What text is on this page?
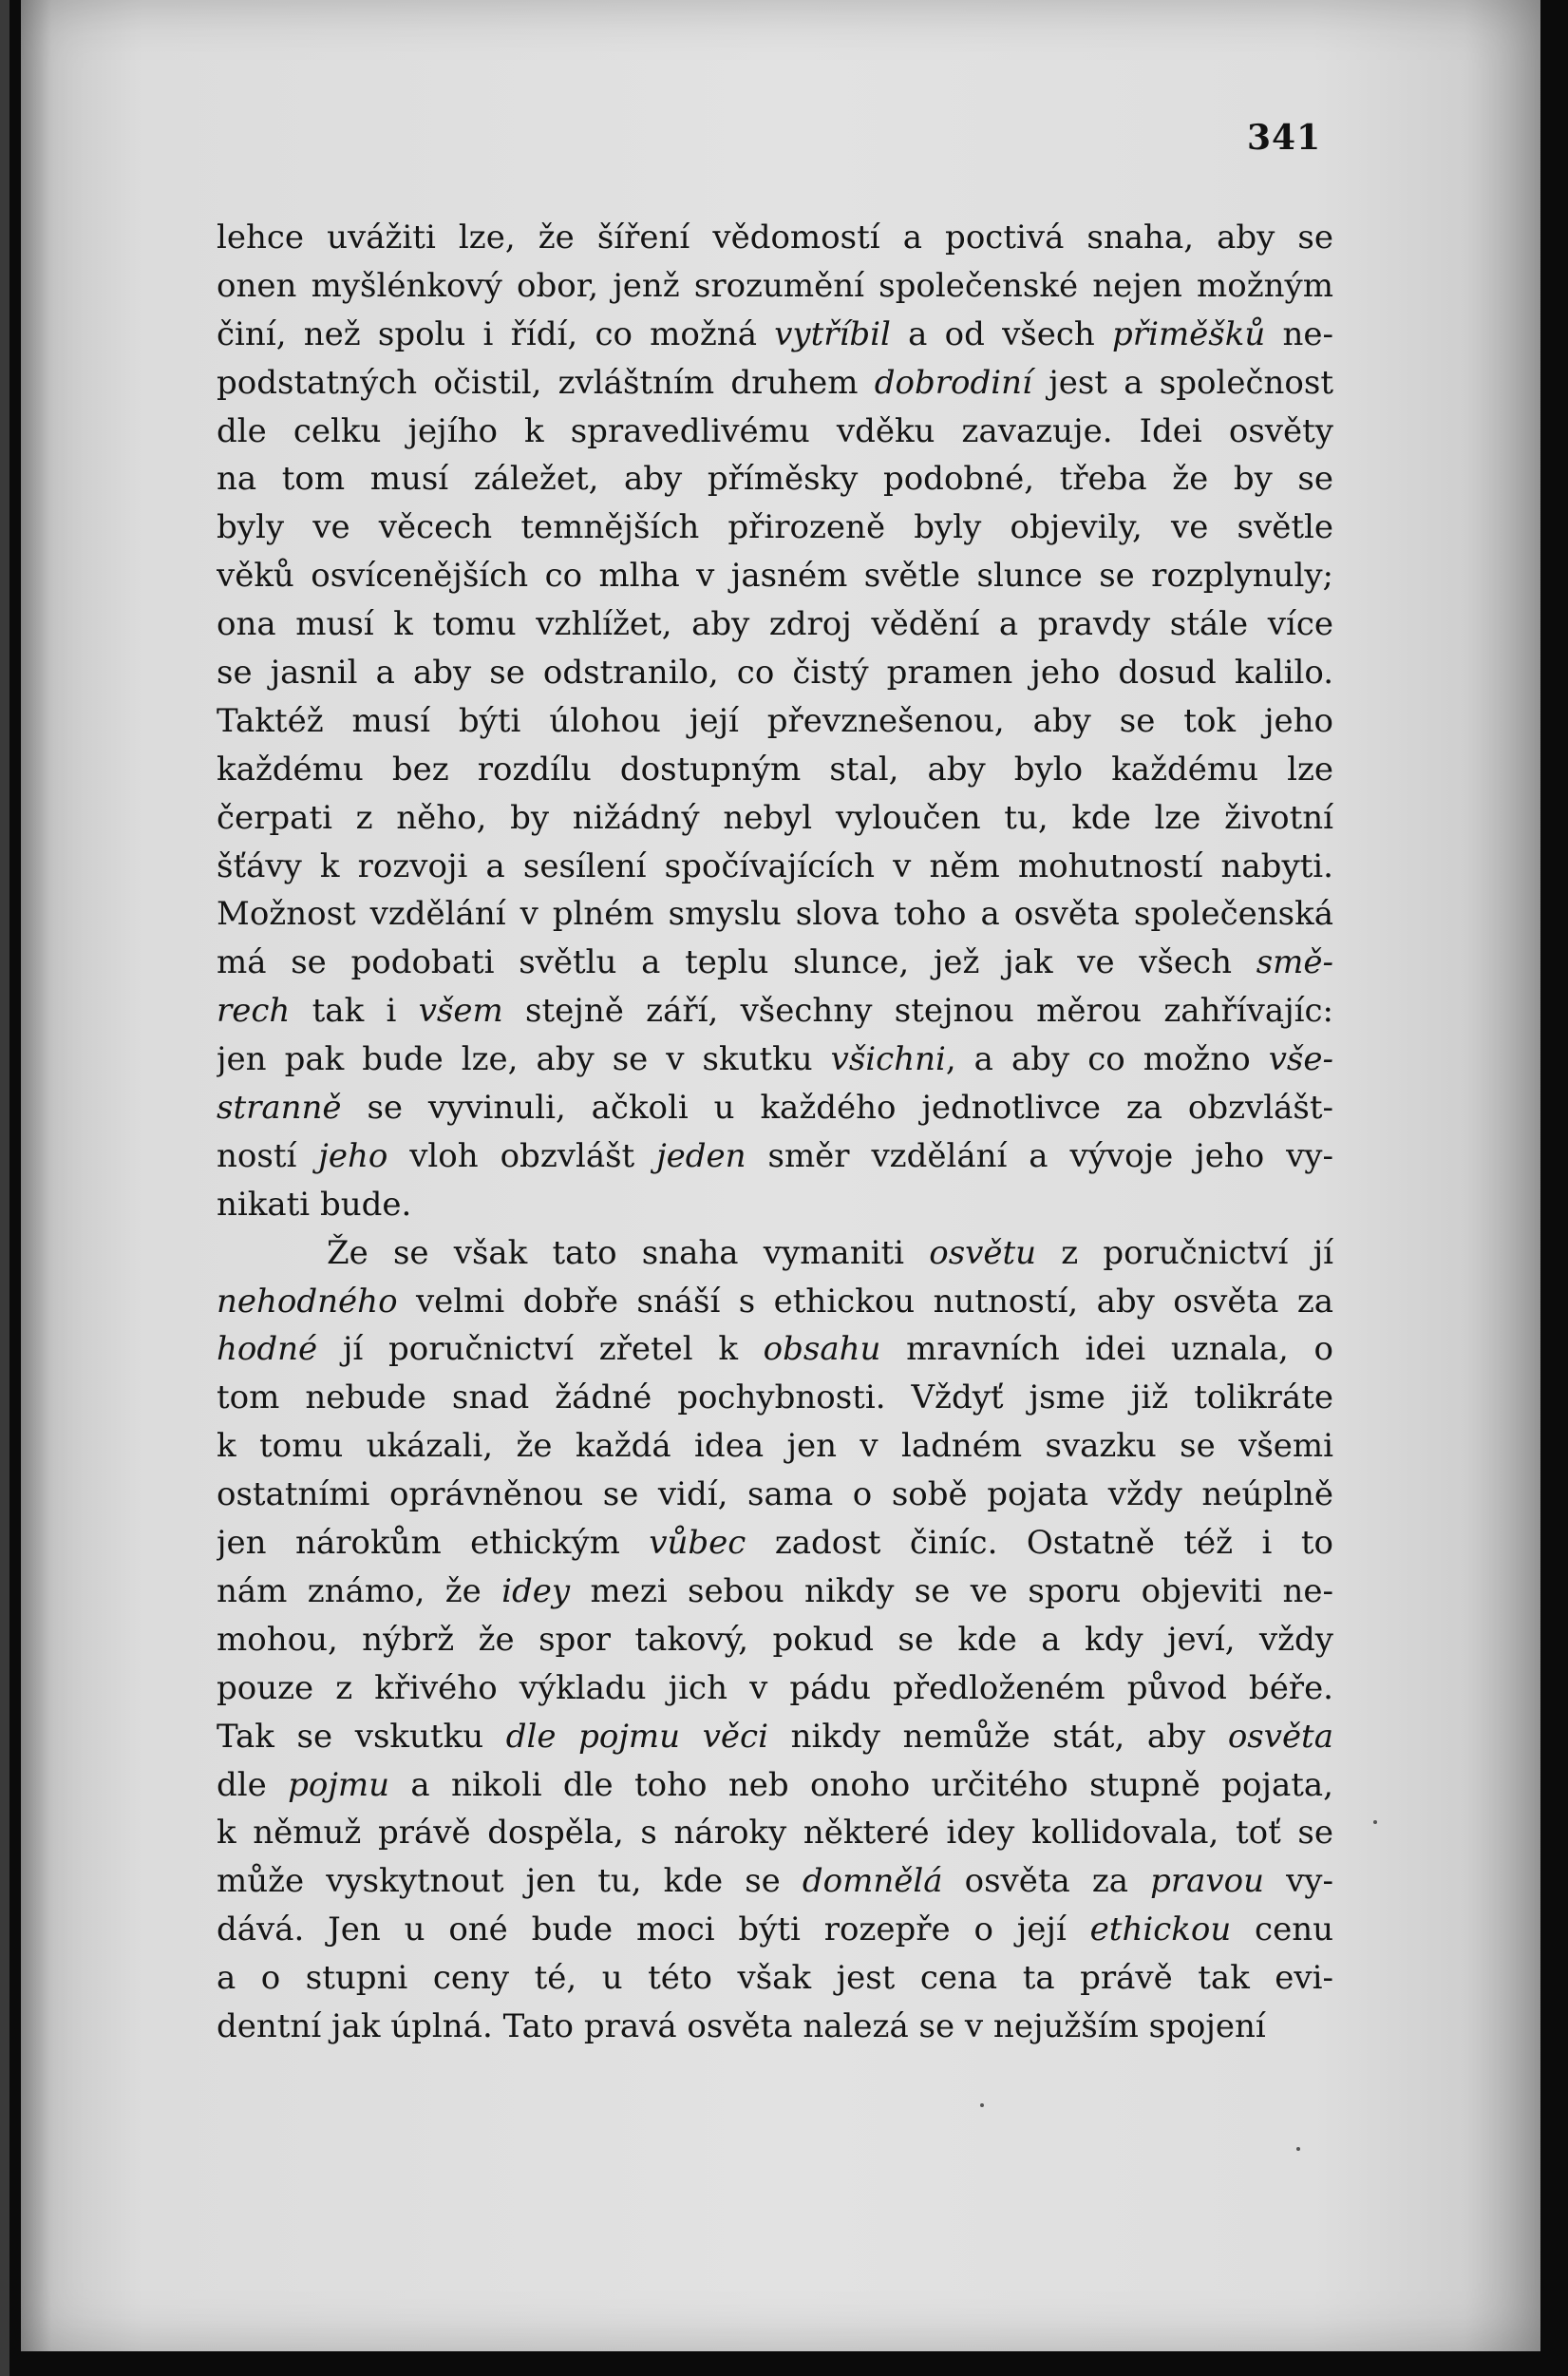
341
lehce uvážiti lze, že šíření vědomostí a poctivá snaha, aby se
onen myšlénkový obor, jenž srozumění společenské nejen možným
činí, než spolu i řídí, co možná vytříbil a od všech přiměšků ne-
podstatných očistil, zvláštním druhem dobrodiní jest a společnost
dle celku jejího k spravedlivému vděku zavazuje. Idei osvěty
na tom musí záležet, aby příměsky podobné, třeba že by se
byly ve věcech temnějších přirozeně byly objevily, ve světle
věků osvícenějších co mlha v jasném světle slunce se rozplynuly;
ona musí k tomu vzhlížet, aby zdroj vědění a pravdy stále více
se jasnil a aby se odstranilo, co čistý pramen jeho dosud kalilo.
Taktéž musí býti úlohou její převznešenou, aby se tok jeho
každému bez rozdílu dostupným stal, aby bylo každému lze
čerpati z něho, by nižádný nebyl vyloučen tu, kde lze životní
šťávy k rozvoji a sesílení spočívajících v něm mohutností nabyti.
Možnost vzdělání v plném smyslu slova toho a osvěta společenská
má se podobati světlu a teplu slunce, jež jak ve všech smě-
rech tak i všem stejně září, všechny stejnou měrou zahřívajíc:
jen pak bude lze, aby se v skutku všichni, a aby co možno vše-
stranně se vyvinuli, ačkoli u každého jednotlivce za obzvlášt-
ností jeho vloh obzvlášt jeden směr vzdělání a vývoje jeho vy-
nikati bude.
Že se však tato snaha vymaniti osvětu z poručnictví jí
nehodného velmi dobře snáší s ethickou nutností, aby osvěta za
hodné jí poručnictví zřetel k obsahu mravních idei uznala, o
tom nebude snad žádné pochybnosti. Vždyť jsme již tolikráte
k tomu ukázali, že každá idea jen v ladném svazku se všemi
ostatními oprávněnou se vidí, sama o sobě pojata vždy neúplně
jen nárokům ethickým vůbec zadost činíc. Ostatně též i to
nám známo, že idey mezi sebou nikdy se ve sporu objeviti ne-
mohou, nýbrž že spor takový, pokud se kde a kdy jeví, vždy
pouze z křivého výkladu jich v pádu předloženém původ béře.
Tak se vskutku dle pojmu věci nikdy nemůže stát, aby osvěta
dle pojmu a nikoli dle toho neb onoho určitého stupně pojata,
k němuž právě dospěla, s nároky některé idey kollidovala, toť se
může vyskytnout jen tu, kde se domnělá osvěta za pravou vy-
dává. Jen u oné bude moci býti rozepře o její ethickou cenu
a o stupni ceny té, u této však jest cena ta právě tak evi-
dentní jak úplná. Tato pravá osvěta nalezá se v nejužším spojení
